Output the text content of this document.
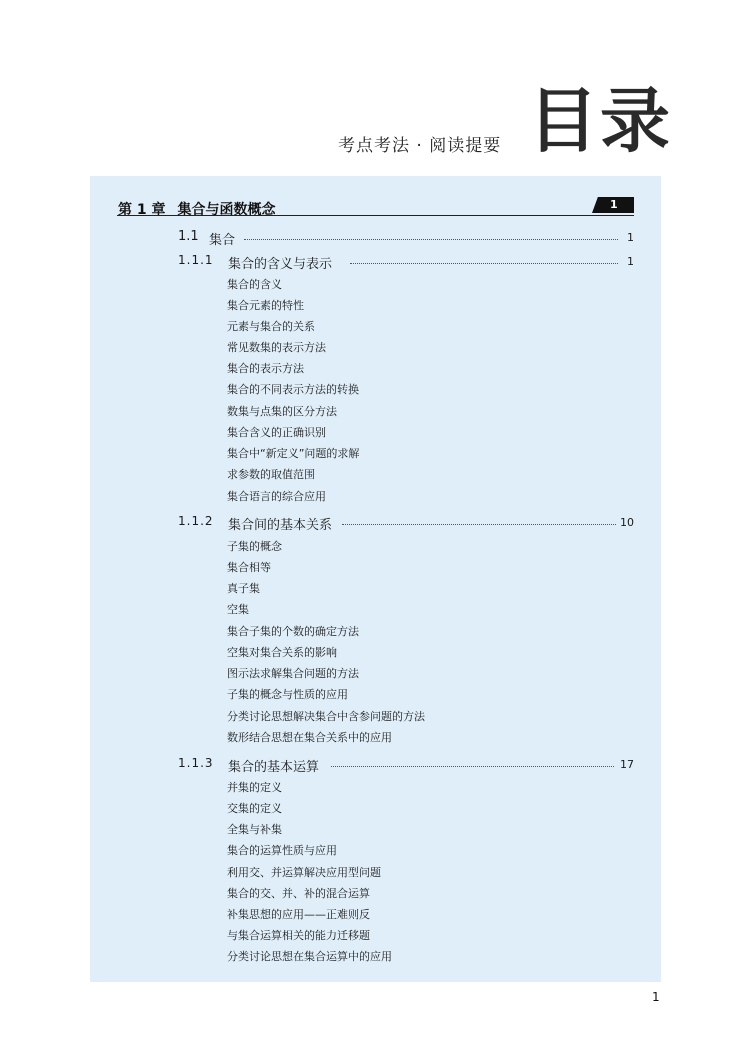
考点考法 · 阅读提要 目录
第 1 章 集合与函数概念	1
1.1 集合	1
1.1.1 集合的含义与表示	1
集合的含义
集合元素的特性
元素与集合的关系
常见数集的表示方法
集合的表示方法
集合的不同表示方法的转换
数集与点集的区分方法
集合含义的正确识别
集合中“新定义”问题的求解
求参数的取值范围
集合语言的综合应用
1.1.2 集合间的基本关系	10
子集的概念
集合相等
真子集
空集
集合子集的个数的确定方法
空集对集合关系的影响
图示法求解集合问题的方法
子集的概念与性质的应用
分类讨论思想解决集合中含参问题的方法
数形结合思想在集合关系中的应用
1.1.3 集合的基本运算	17
并集的定义
交集的定义
全集与补集
集合的运算性质与应用
利用交、并运算解决应用型问题
集合的交、并、补的混合运算
补集思想的应用——正难则反
与集合运算相关的能力迁移题
分类讨论思想在集合运算中的应用
1
